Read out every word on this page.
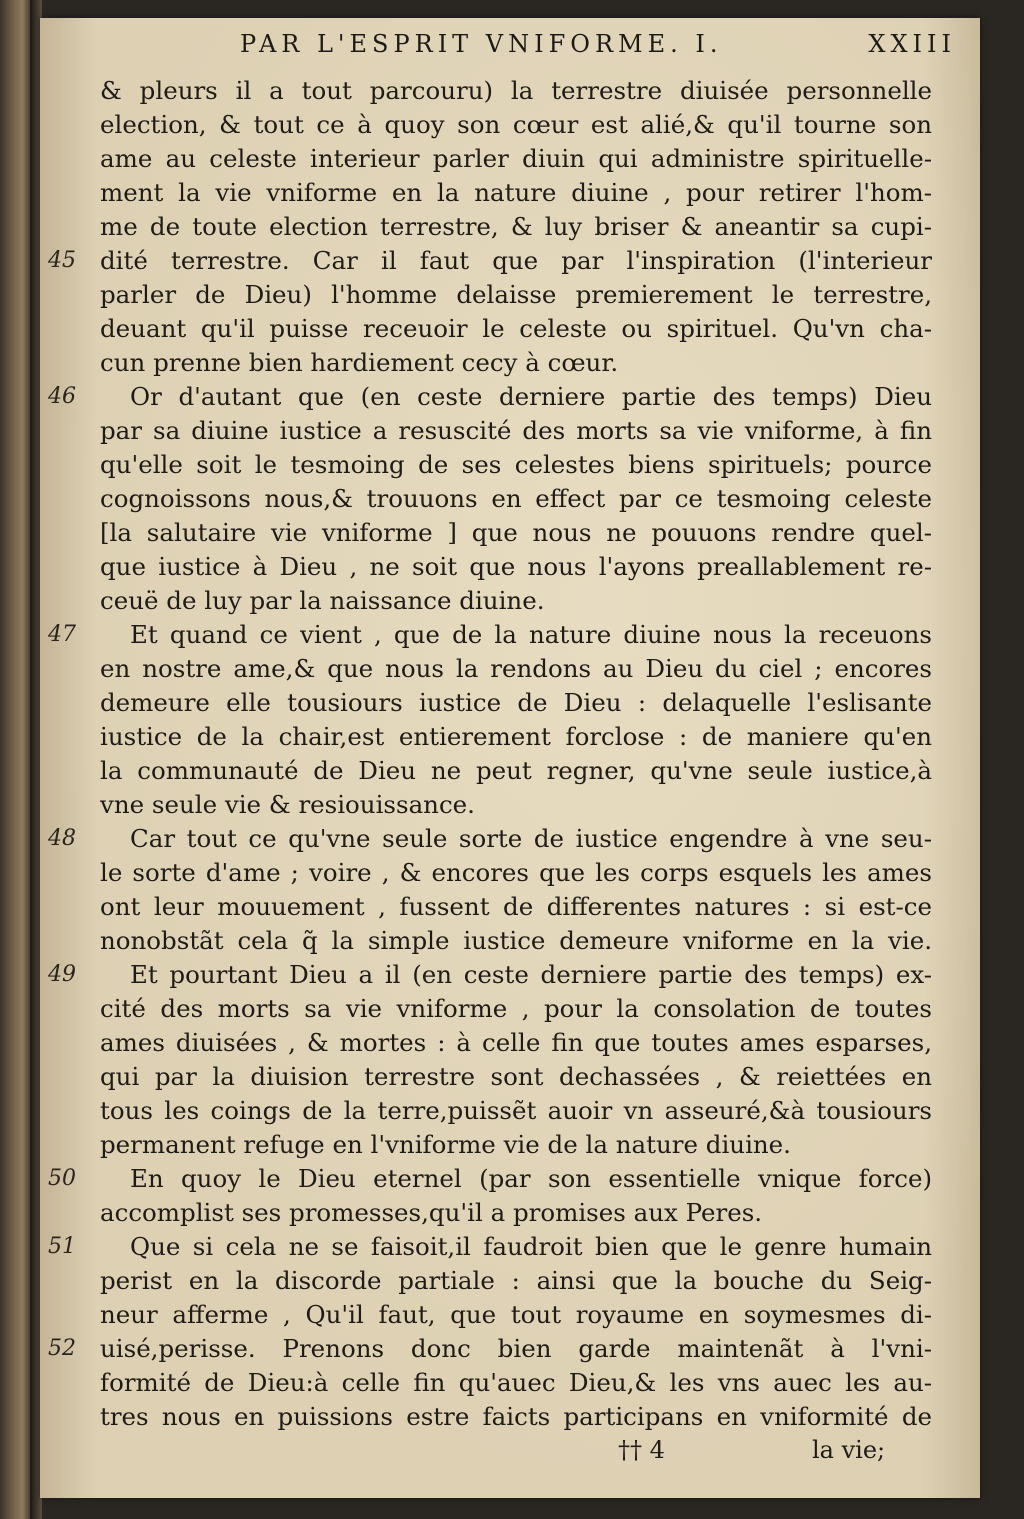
PAR L'ESPRIT VNIFORME. I.	XXIII
& pleurs il a tout parcouru) la terrestre diuisée personnelle
election, & tout ce à quoy son cœur est alié,& qu'il tourne son
ame au celeste interieur parler diuin qui administre spirituelle-
ment la vie vniforme en la nature diuine , pour retirer l'hom-
me de toute election terrestre, & luy briser & aneantir sa cupi-
45 dité terrestre. Car il faut que par l'inspiration (l'interieur
parler de Dieu) l'homme delaisse premierement le terrestre,
deuant qu'il puisse receuoir le celeste ou spirituel. Qu'vn cha-
cun prenne bien hardiement cecy à cœur.
46 Or d'autant que (en ceste derniere partie des temps) Dieu
par sa diuine iustice a resuscité des morts sa vie vniforme, à fin
qu'elle soit le tesmoing de ses celestes biens spirituels; pource
cognoissons nous,& trouuons en effect par ce tesmoing celeste
[la salutaire vie vniforme ] que nous ne pouuons rendre quel-
que iustice à Dieu , ne soit que nous l'ayons preallablement re-
ceuë de luy par la naissance diuine.
47 Et quand ce vient , que de la nature diuine nous la receuons
en nostre ame,& que nous la rendons au Dieu du ciel ; encores
demeure elle tousiours iustice de Dieu : delaquelle l'eslisante
iustice de la chair,est entierement forclose : de maniere qu'en
la communauté de Dieu ne peut regner, qu'vne seule iustice,à
vne seule vie & resiouissance.
48 Car tout ce qu'vne seule sorte de iustice engendre à vne seu-
le sorte d'ame ; voire , & encores que les corps esquels les ames
ont leur mouuement , fussent de differentes natures : si est-ce
nonobstãt cela q̃ la simple iustice demeure vniforme en la vie.
49 Et pourtant Dieu a il (en ceste derniere partie des temps) ex-
cité des morts sa vie vniforme , pour la consolation de toutes
ames diuisées , & mortes : à celle fin que toutes ames esparses,
qui par la diuision terrestre sont dechassées , & reiettées en
tous les coings de la terre,puissẽt auoir vn asseuré,&à tousiours
permanent refuge en l'vniforme vie de la nature diuine.
50 En quoy le Dieu eternel (par son essentielle vnique force)
accomplist ses promesses,qu'il a promises aux Peres.
51 Que si cela ne se faisoit,il faudroit bien que le genre humain
perist en la discorde partiale : ainsi que la bouche du Seig-
neur afferme , Qu'il faut, que tout royaume en soymesmes di-
52 uisé,perisse. Prenons donc bien garde maintenãt à l'vni-
formité de Dieu:à celle fin qu'auec Dieu,& les vns auec les au-
tres nous en puissions estre faicts participans en vniformité de
†† 4	la vie;
